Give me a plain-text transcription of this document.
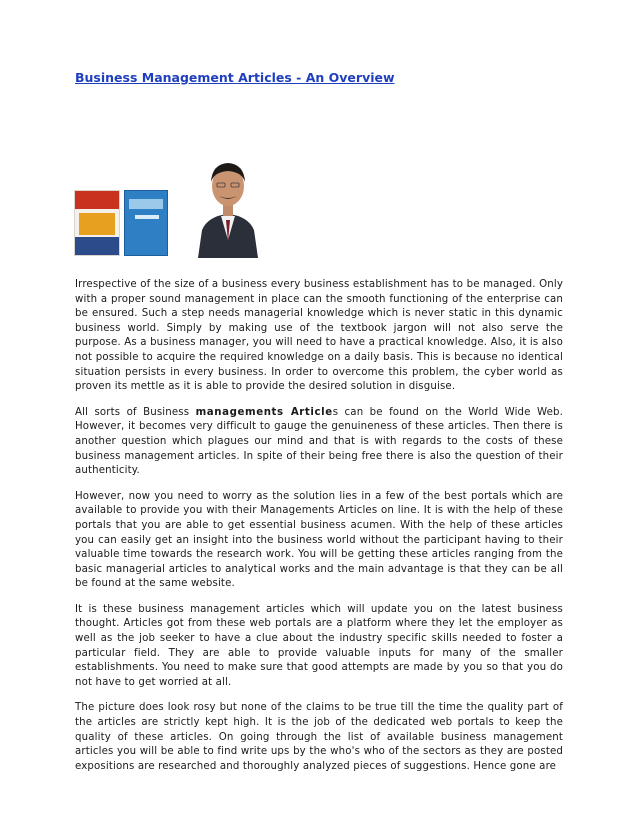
Business Management Articles - An Overview

Irrespective of the size of a business every business establishment has to be managed. Only with a proper sound management in place can the smooth functioning of the enterprise can be ensured. Such a step needs managerial knowledge which is never static in this dynamic business world. Simply by making use of the textbook jargon will not also serve the purpose. As a business manager, you will need to have a practical knowledge. Also, it is also not possible to acquire the required knowledge on a daily basis. This is because no identical situation persists in every business. In order to overcome this problem, the cyber world as proven its mettle as it is able to provide the desired solution in disguise.

All sorts of Business managements Articles can be found on the World Wide Web. However, it becomes very difficult to gauge the genuineness of these articles. Then there is another question which plagues our mind and that is with regards to the costs of these business management articles. In spite of their being free there is also the question of their authenticity.

However, now you need to worry as the solution lies in a few of the best portals which are available to provide you with their Managements Articles on line. It is with the help of these portals that you are able to get essential business acumen. With the help of these articles you can easily get an insight into the business world without the participant having to their valuable time towards the research work. You will be getting these articles ranging from the basic managerial articles to analytical works and the main advantage is that they can be all be found at the same website.

It is these business management articles which will update you on the latest business thought. Articles got from these web portals are a platform where they let the employer as well as the job seeker to have a clue about the industry specific skills needed to foster a particular field. They are able to provide valuable inputs for many of the smaller establishments. You need to make sure that good attempts are made by you so that you do not have to get worried at all.

The picture does look rosy but none of the claims to be true till the time the quality part of the articles are strictly kept high. It is the job of the dedicated web portals to keep the quality of these articles. On going through the list of available business management articles you will be able to find write ups by the who's who of the sectors as they are posted expositions are researched and thoroughly analyzed pieces of suggestions. Hence gone are
